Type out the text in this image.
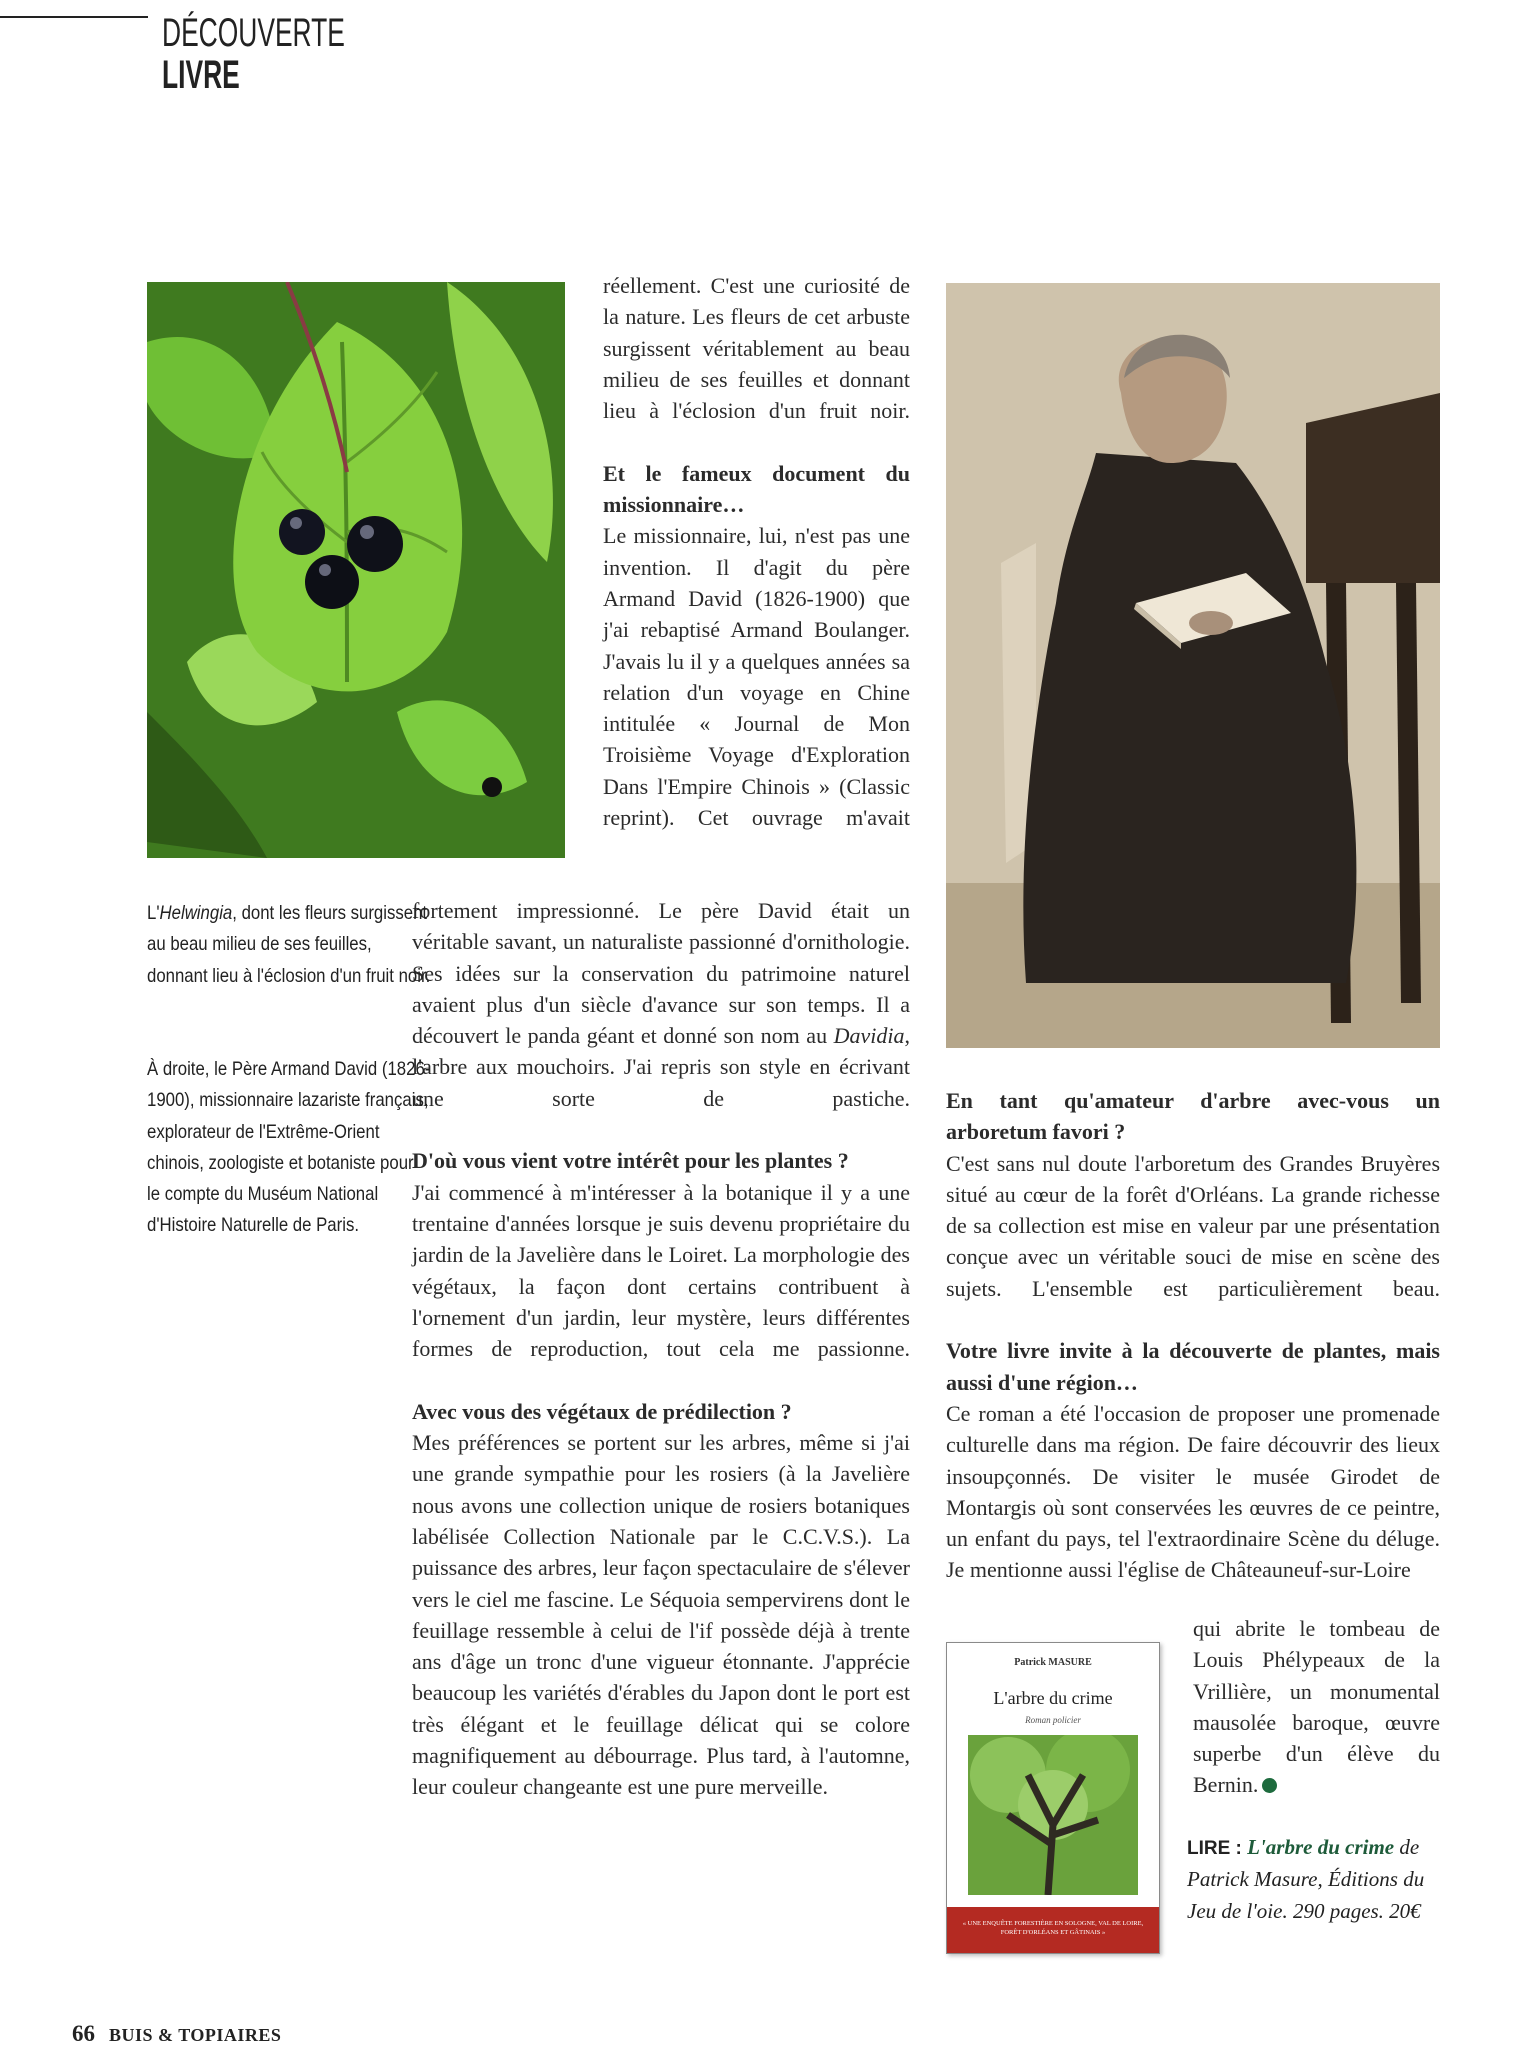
DÉCOUVERTE
LIVRE
réellement. C'est une curiosité de la nature. Les fleurs de cet arbuste surgissent véritablement au beau milieu de ses feuilles et donnant lieu à l'éclosion d'un fruit noir.
Et le fameux document du missionnaire…
Le missionnaire, lui, n'est pas une invention. Il d'agit du père Armand David (1826-1900) que j'ai rebaptisé Armand Boulanger. J'avais lu il y a quelques années sa relation d'un voyage en Chine intitulée « Journal de Mon Troisième Voyage d'Exploration Dans l'Empire Chinois » (Classic reprint). Cet ouvrage m'avait
fortement impressionné. Le père David était un véritable savant, un naturaliste passionné d'ornithologie. Ses idées sur la conservation du patrimoine naturel avaient plus d'un siècle d'avance sur son temps. Il a découvert le panda géant et donné son nom au Davidia, l'arbre aux mouchoirs. J'ai repris son style en écrivant une sorte de pastiche.
D'où vous vient votre intérêt pour les plantes ?
J'ai commencé à m'intéresser à la botanique il y a une trentaine d'années lorsque je suis devenu propriétaire du jardin de la Javelière dans le Loiret. La morphologie des végétaux, la façon dont certains contribuent à l'ornement d'un jardin, leur mystère, leurs différentes formes de reproduction, tout cela me passionne.
Avec vous des végétaux de prédilection ?
Mes préférences se portent sur les arbres, même si j'ai une grande sympathie pour les rosiers (à la Javelière nous avons une collection unique de rosiers botaniques labélisée Collection Nationale par le C.C.V.S.). La puissance des arbres, leur façon spectaculaire de s'élever vers le ciel me fascine. Le Séquoia sempervirens dont le feuillage ressemble à celui de l'if possède déjà à trente ans d'âge un tronc d'une vigueur étonnante. J'apprécie beaucoup les variétés d'érables du Japon dont le port est très élégant et le feuillage délicat qui se colore magnifiquement au débourrage. Plus tard, à l'automne, leur couleur changeante est une pure merveille.
En tant qu'amateur d'arbre avec-vous un arboretum favori ?
C'est sans nul doute l'arboretum des Grandes Bruyères situé au cœur de la forêt d'Orléans. La grande richesse de sa collection est mise en valeur par une présentation conçue avec un véritable souci de mise en scène des sujets. L'ensemble est particulièrement beau.
Votre livre invite à la découverte de plantes, mais aussi d'une région…
Ce roman a été l'occasion de proposer une promenade culturelle dans ma région. De faire découvrir des lieux insoupçonnés. De visiter le musée Girodet de Montargis où sont conservées les œuvres de ce peintre, un enfant du pays, tel l'extraordinaire Scène du déluge. Je mentionne aussi l'église de Châteauneuf-sur-Loire
qui abrite le tombeau de Louis Phélypeaux de la Vrillière, un monumental mausolée baroque, œuvre superbe d'un élève du Bernin.
Patrick MASURE
L'arbre du crime
Roman policier
« UNE ENQUÊTE FORESTIÈRE EN SOLOGNE, VAL DE LOIRE, FORÊT D'ORLÉANS ET GÂTINAIS »
L'Helwingia, dont les fleurs surgissent au beau milieu de ses feuilles, donnant lieu à l'éclosion d'un fruit noir.
À droite, le Père Armand David (1826-1900), missionnaire lazariste français, explorateur de l'Extrême-Orient chinois, zoologiste et botaniste pour le compte du Muséum National d'Histoire Naturelle de Paris.
LIRE : L'arbre du crime de Patrick Masure, Éditions du Jeu de l'oie. 290 pages. 20€
66 BUIS & TOPIAIRES
